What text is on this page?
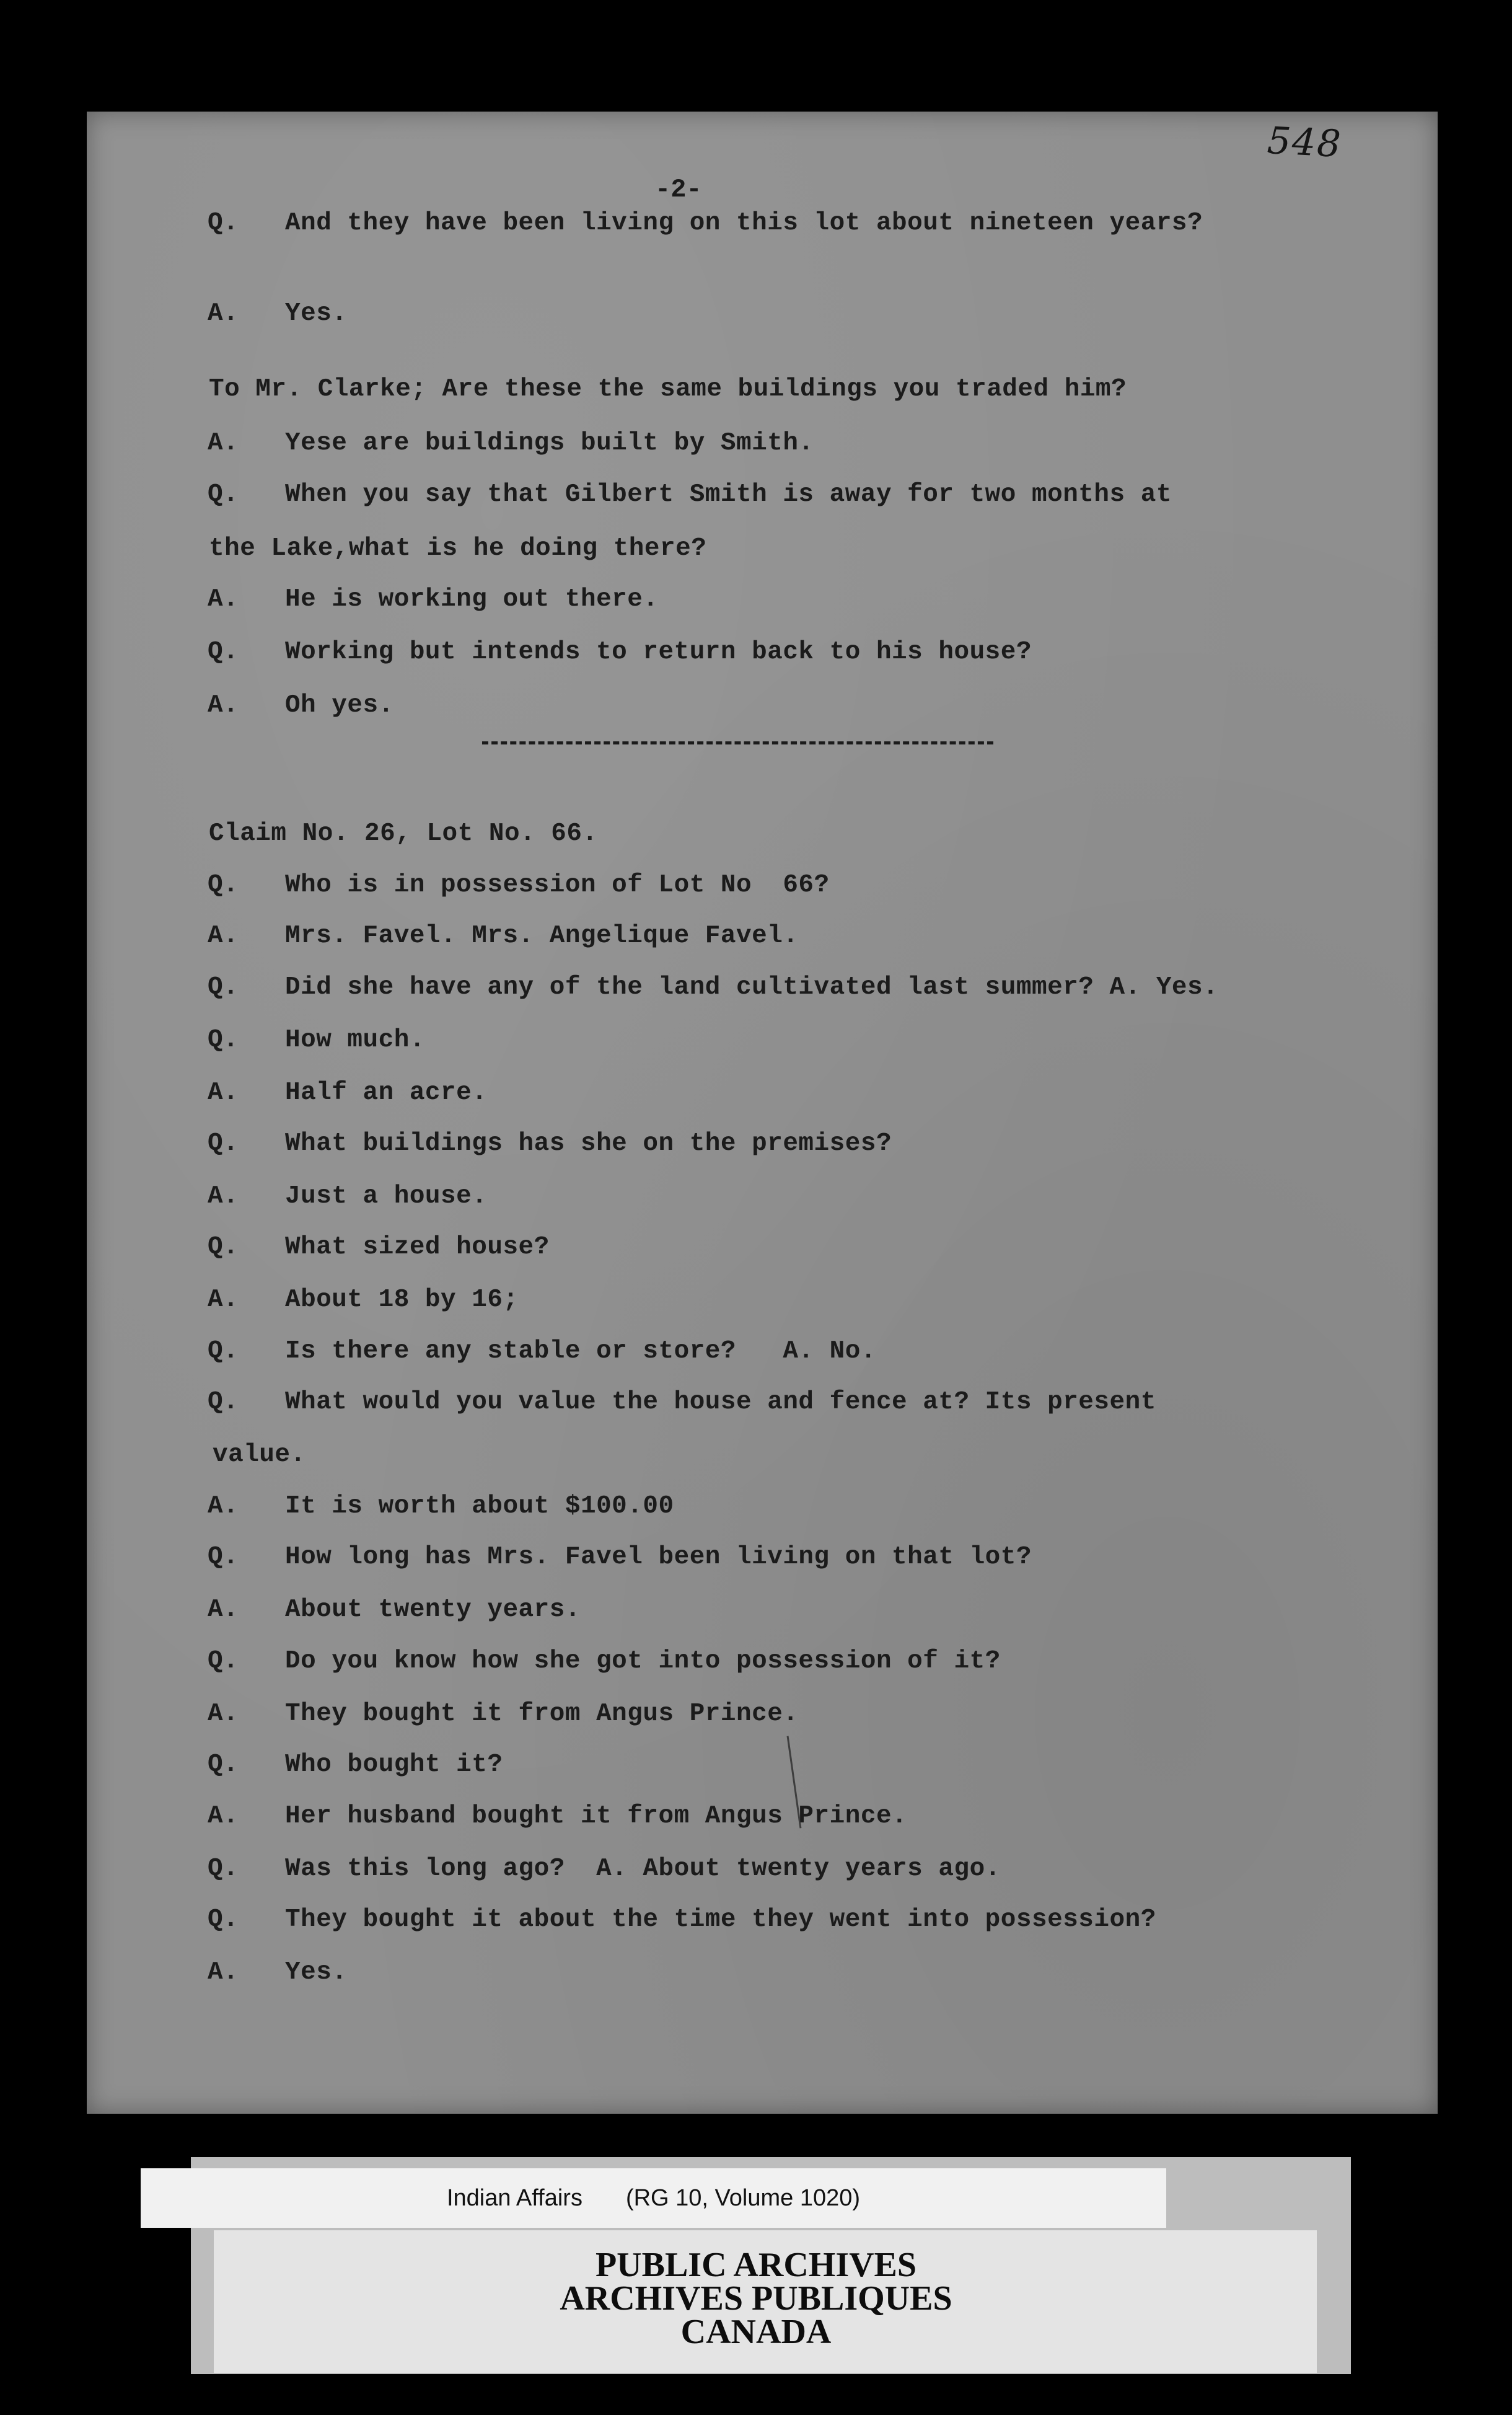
548
-2-
Q. And they have been living on this lot about nineteen years?
A. Yes.
To Mr. Clarke; Are these the same buildings you traded him?
A. Yese are buildings built by Smith.
Q. When you say that Gilbert Smith is away for two months at
the Lake,what is he doing there?
A. He is working out there.
Q. Working but intends to return back to his house?
A. Oh yes.
Claim No. 26, Lot No. 66.
Q. Who is in possession of Lot No  66?
A. Mrs. Favel. Mrs. Angelique Favel.
Q. Did she have any of the land cultivated last summer? A. Yes.
Q. How much.
A. Half an acre.
Q. What buildings has she on the premises?
A. Just a house.
Q. What sized house?
A. About 18 by 16;
Q. Is there any stable or store?   A. No.
Q. What would you value the house and fence at? Its present
value.
A. It is worth about $100.00
Q. How long has Mrs. Favel been living on that lot?
A. About twenty years.
Q. Do you know how she got into possession of it?
A. They bought it from Angus Prince.
Q. Who bought it?
A. Her husband bought it from Angus Prince.
Q. Was this long ago?  A. About twenty years ago.
Q. They bought it about the time they went into possession?
A. Yes.
Indian Affairs (RG 10, Volume 1020)
PUBLIC ARCHIVES
ARCHIVES PUBLIQUES
CANADA
